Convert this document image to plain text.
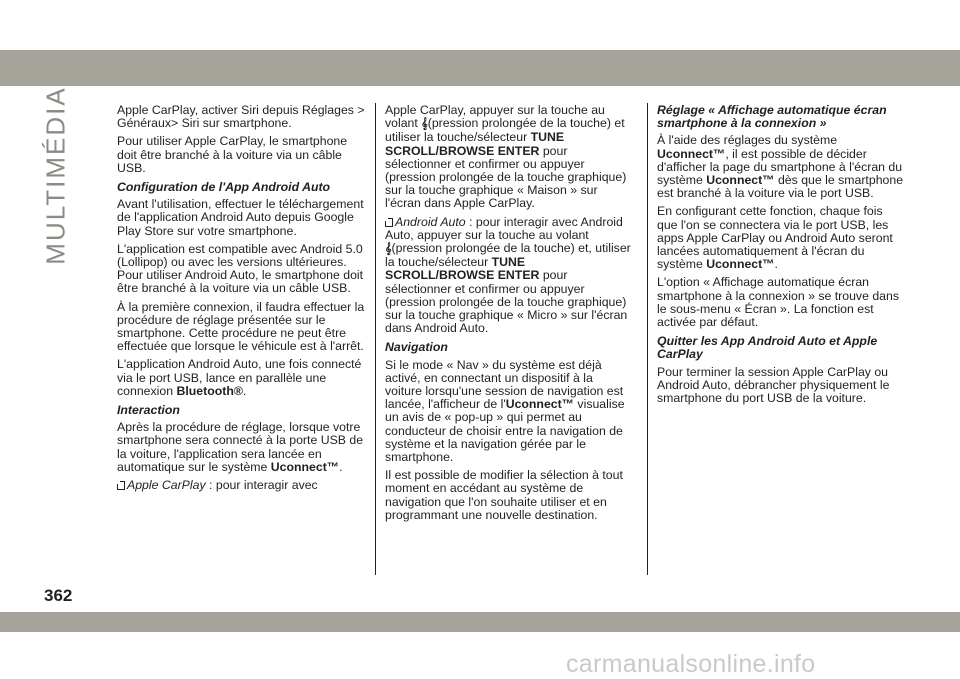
MULTIMÉDIA	Apple CarPlay, activer Siri depuis Réglages > Généraux> Siri sur smartphone.

Pour utiliser Apple CarPlay, le smartphone doit être branché à la voiture via un câble USB.

Configuration de l'App Android Auto

Avant l'utilisation, effectuer le téléchargement de l'application Android Auto depuis Google Play Store sur votre smartphone.

L'application est compatible avec Android 5.0 (Lollipop) ou avec les versions ultérieures. Pour utiliser Android Auto, le smartphone doit être branché à la voiture via un câble USB.

À la première connexion, il faudra effectuer la procédure de réglage présentée sur le smartphone. Cette procédure ne peut être effectuée que lorsque le véhicule est à l'arrêt.

L'application Android Auto, une fois connecté via le port USB, lance en parallèle une connexion Bluetooth®.

Interaction

Après la procédure de réglage, lorsque votre smartphone sera connecté à la porte USB de la voiture, l'application sera lancée en automatique sur le système Uconnect™.

Apple CarPlay : pour interagir avec

Apple CarPlay, appuyer sur la touche au volant 𝄞︎(pression prolongée de la touche) et utiliser la touche/sélecteur TUNE SCROLL/BROWSE ENTER pour sélectionner et confirmer ou appuyer (pression prolongée de la touche graphique) sur la touche graphique « Maison » sur l'écran dans Apple CarPlay.

Android Auto : pour interagir avec Android Auto, appuyer sur la touche au volant 𝄞︎(pression prolongée de la touche) et, utiliser la touche/sélecteur TUNE SCROLL/BROWSE ENTER pour sélectionner et confirmer ou appuyer (pression prolongée de la touche graphique) sur la touche graphique « Micro » sur l'écran dans Android Auto.

Navigation

Si le mode « Nav » du système est déjà activé, en connectant un dispositif à la voiture lorsqu'une session de navigation est lancée, l'afficheur de l'Uconnect™ visualise un avis de « pop-up » qui permet au conducteur de choisir entre la navigation de système et la navigation gérée par le smartphone.

Il est possible de modifier la sélection à tout moment en accédant au système de navigation que l'on souhaite utiliser et en programmant une nouvelle destination.

Réglage « Affichage automatique écran smartphone à la connexion »

À l'aide des réglages du système Uconnect™, il est possible de décider d'afficher la page du smartphone à l'écran du système Uconnect™ dès que le smartphone est branché à la voiture via le port USB.

En configurant cette fonction, chaque fois que l'on se connectera via le port USB, les apps Apple CarPlay ou Android Auto seront lancées automatiquement à l'écran du système Uconnect™.

L'option « Affichage automatique écran smartphone à la connexion » se trouve dans le sous-menu « Écran ». La fonction est activée par défaut.

Quitter les App Android Auto et Apple CarPlay

Pour terminer la session Apple CarPlay ou Android Auto, débrancher physiquement le smartphone du port USB de la voiture.

362
carmanualsonline.info
